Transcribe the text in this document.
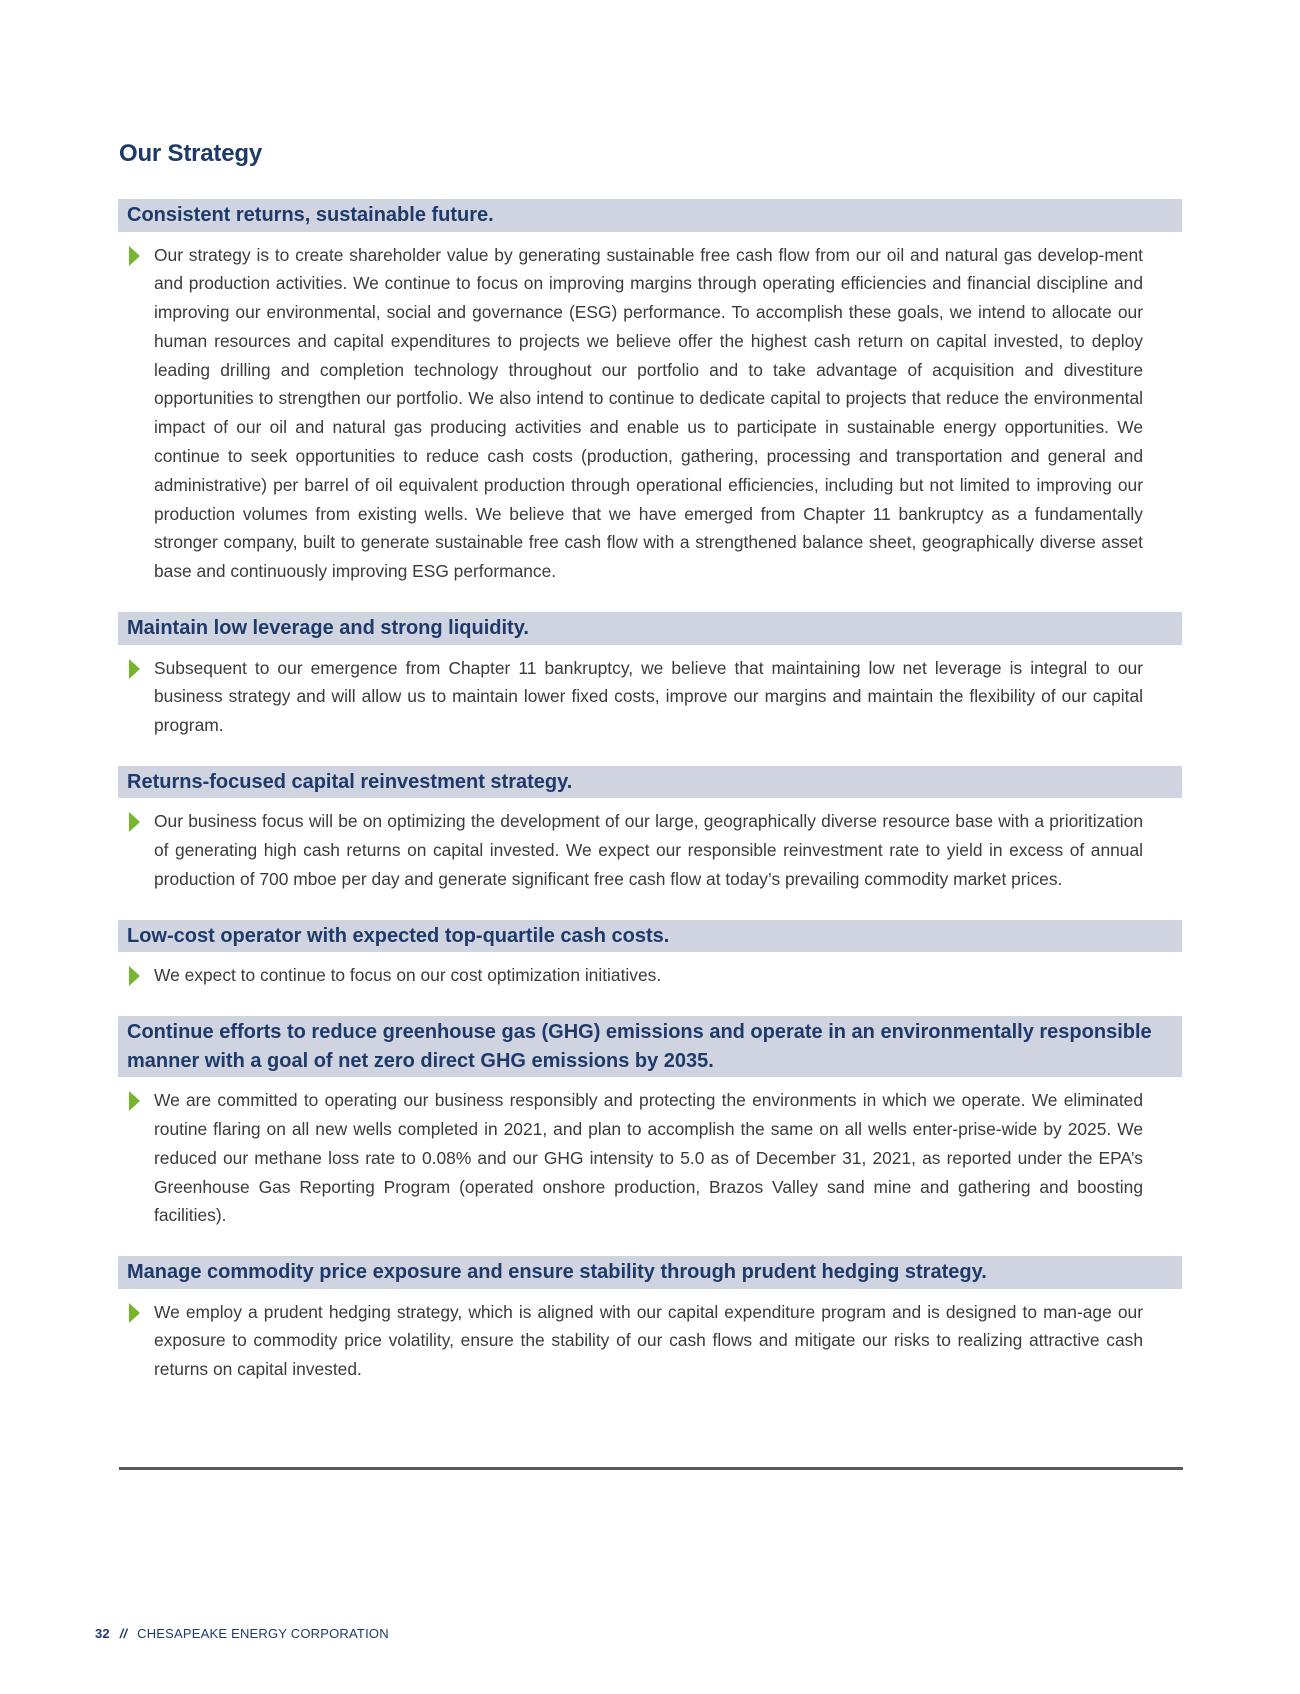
Our Strategy
Consistent returns, sustainable future.
Our strategy is to create shareholder value by generating sustainable free cash flow from our oil and natural gas develop-ment and production activities. We continue to focus on improving margins through operating efficiencies and financial discipline and improving our environmental, social and governance (ESG) performance. To accomplish these goals, we intend to allocate our human resources and capital expenditures to projects we believe offer the highest cash return on capital invested, to deploy leading drilling and completion technology throughout our portfolio and to take advantage of acquisition and divestiture opportunities to strengthen our portfolio. We also intend to continue to dedicate capital to projects that reduce the environmental impact of our oil and natural gas producing activities and enable us to participate in sustainable energy opportunities. We continue to seek opportunities to reduce cash costs (production, gathering, processing and transportation and general and administrative) per barrel of oil equivalent production through operational efficiencies, including but not limited to improving our production volumes from existing wells. We believe that we have emerged from Chapter 11 bankruptcy as a fundamentally stronger company, built to generate sustainable free cash flow with a strengthened balance sheet, geographically diverse asset base and continuously improving ESG performance.
Maintain low leverage and strong liquidity.
Subsequent to our emergence from Chapter 11 bankruptcy, we believe that maintaining low net leverage is integral to our business strategy and will allow us to maintain lower fixed costs, improve our margins and maintain the flexibility of our capital program.
Returns-focused capital reinvestment strategy.
Our business focus will be on optimizing the development of our large, geographically diverse resource base with a prioritization of generating high cash returns on capital invested. We expect our responsible reinvestment rate to yield in excess of annual production of 700 mboe per day and generate significant free cash flow at today’s prevailing commodity market prices.
Low-cost operator with expected top-quartile cash costs.
We expect to continue to focus on our cost optimization initiatives.
Continue efforts to reduce greenhouse gas (GHG) emissions and operate in an environmentally responsible manner with a goal of net zero direct GHG emissions by 2035.
We are committed to operating our business responsibly and protecting the environments in which we operate. We eliminated routine flaring on all new wells completed in 2021, and plan to accomplish the same on all wells enter-prise-wide by 2025. We reduced our methane loss rate to 0.08% and our GHG intensity to 5.0 as of December 31, 2021, as reported under the EPA’s Greenhouse Gas Reporting Program (operated onshore production, Brazos Valley sand mine and gathering and boosting facilities).
Manage commodity price exposure and ensure stability through prudent hedging strategy.
We employ a prudent hedging strategy, which is aligned with our capital expenditure program and is designed to man-age our exposure to commodity price volatility, ensure the stability of our cash flows and mitigate our risks to realizing attractive cash returns on capital invested.
32 // CHESAPEAKE ENERGY CORPORATION
